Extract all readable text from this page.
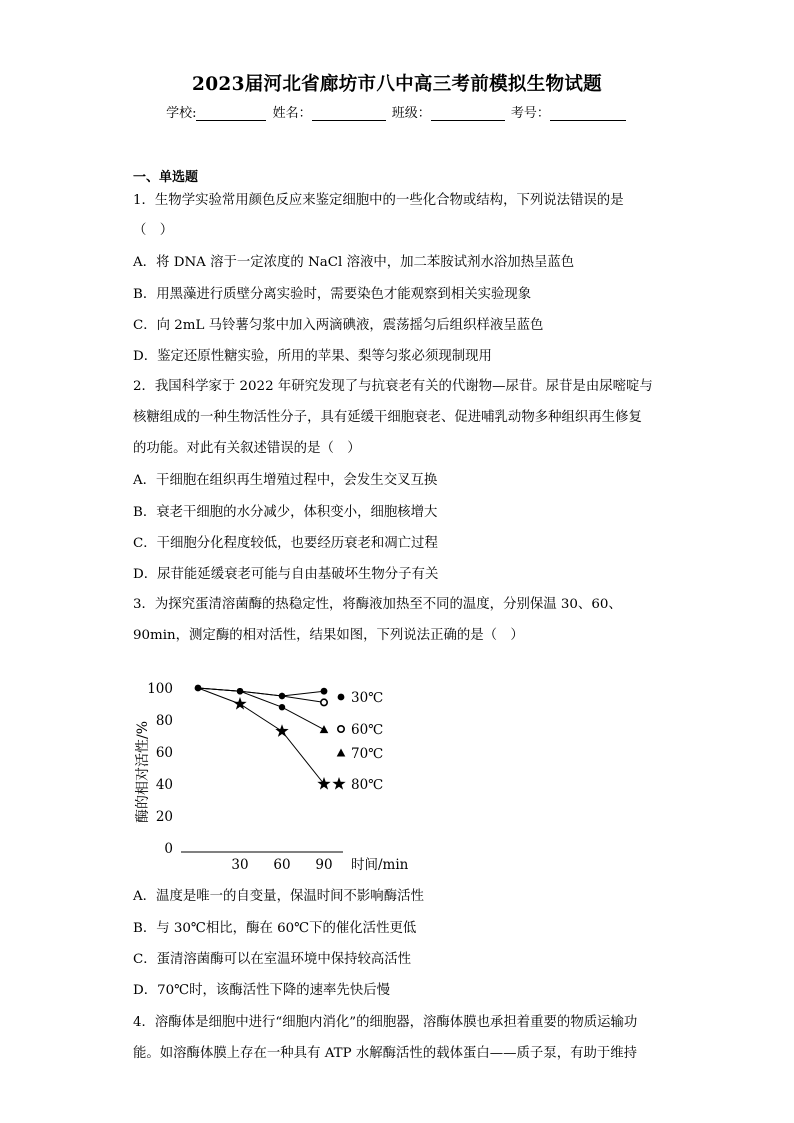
2023届河北省廊坊市八中高三考前模拟生物试题
学校:	姓名：	班级：	考号：
一、单选题
1．生物学实验常用颜色反应来鉴定细胞中的一些化合物或结构，下列说法错误的是
（　）
A．将 DNA 溶于一定浓度的 NaCl 溶液中，加二苯胺试剂水浴加热呈蓝色
B．用黑藻进行质壁分离实验时，需要染色才能观察到相关实验现象
C．向 2mL 马铃薯匀浆中加入两滴碘液，震荡摇匀后组织样液呈蓝色
D．鉴定还原性糖实验，所用的苹果、梨等匀浆必须现制现用
2．我国科学家于 2022 年研究发现了与抗衰老有关的代谢物—尿苷。尿苷是由尿嘧啶与
核糖组成的一种生物活性分子，具有延缓干细胞衰老、促进哺乳动物多种组织再生修复
的功能。对此有关叙述错误的是（　）
A．干细胞在组织再生增殖过程中，会发生交叉互换
B．衰老干细胞的水分减少，体积变小，细胞核增大
C．干细胞分化程度较低，也要经历衰老和凋亡过程
D．尿苷能延缓衰老可能与自由基破坏生物分子有关
3．为探究蛋清溶菌酶的热稳定性，将酶液加热至不同的温度，分别保温 30、60、
90min，测定酶的相对活性，结果如图，下列说法正确的是（　）
0
20
40
60
80
100
30 60 90
30℃
60℃
70℃
80℃
酶的相对活性/%
时间/min
A．温度是唯一的自变量，保温时间不影响酶活性
B．与 30℃相比，酶在 60℃下的催化活性更低
C．蛋清溶菌酶可以在室温环境中保持较高活性
D．70℃时，该酶活性下降的速率先快后慢
4．溶酶体是细胞中进行“细胞内消化”的细胞器，溶酶体膜也承担着重要的物质运输功
能。如溶酶体膜上存在一种具有 ATP 水解酶活性的载体蛋白——质子泵，有助于维持
